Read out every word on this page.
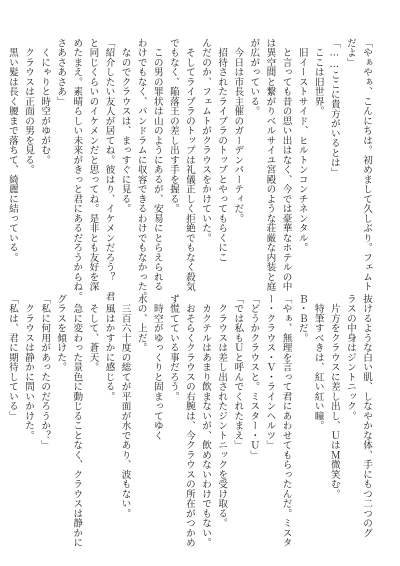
「やぁやぁ、こんにちは。初めまして久しぶり。フェムト
だよ」
「……ここに貴方がいるとは」
　ここは旧世界。
　旧イーストサイド、ヒルトンコンチネンタル。
　と言っても昔の思い出はなく、今では豪華なホテルの中
は異空間と繋がりベルサイユ宮殿のような荘厳な内装と庭
が広がっている。
　今日は市長主催のガーデンパーティだ。
　招待されたライブラのトップとやってもらくにこ
んだのか、フェムトがクラウスをかけていた。
　そしてライブラのトップは礼儀正しく拒絶でもなく殺気
でもなく、陥落王の差し出す手を握る。
　この男の罪状は山のようにあるが、安易にとらえられる
わけでもなく、パンドラムに収容できるわけでもなかった。
　なのでクラウスは、まっすぐに見る。
「紹介したい友人が居てね。彼はり、イケメンだろう？　君
と同じくらいのイケメンだと思ってね。是非とも友好を深
めたまえ。素晴らしい未来がきっと君にあるだろうからね。
さあさあさあ」
　くにゃりと時空がゆがむ。
　クラウスは正面の男を見る。
　黒い髪は長く腰まで落ちて、綺麗に結っている。
抜けるような白い肌、しなやかな体、手にもつ二つのグ
ラスの中身はジントニック。
　片方をクラウスに差し出し、ＵはＭ微笑む。
　特筆すべきは、紅い紅い瞳。
Ｂ・Ｂだ。
「やぁ、無理を言って君にあわせてもらったんだ。ミスタ
ー・クラウス・Ｖ・ラインヘルツ」
「どうかクラウスと。ミスター・Ｕ」
「では私もＵと呼んでくれたまえ」
　クラウスは差し出されたジントニックを受け取る。
　カクテルはあまり飲まないが、飲めないわけでもない。
　おそらくクラウスの右腕は、今クラウスの所在がつかめ
ず慌てている事だろう。
　時空がゆっくりと固まってゆく
水の、上だ。
　三百六十度の総てが平面が水であり、波もない。
　風はかすかに感じる。
　そして、蒼天。
　急に変わった景色に動じることなく、クラウスは静かに
グラスを傾けた。
「私に何用があったのだろうか？」
　クラウスは静かに問いかけた。
「私は、君に期待している」
